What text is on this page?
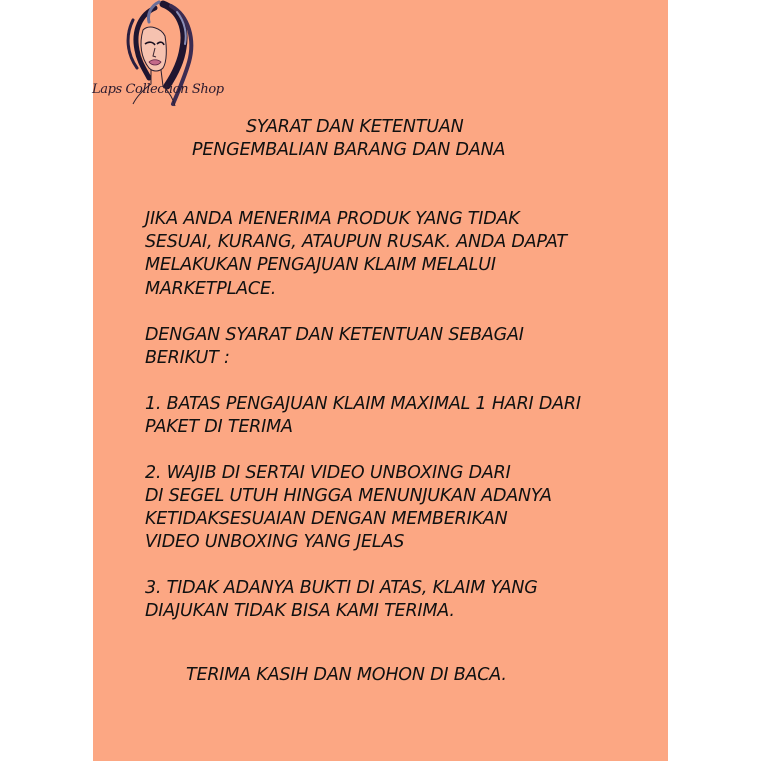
Laps Collection Shop

SYARAT DAN KETENTUAN

PENGEMBALIAN BARANG DAN DANA

JIKA ANDA MENERIMA PRODUK YANG TIDAK

SESUAI, KURANG, ATAUPUN RUSAK. ANDA DAPAT

MELAKUKAN PENGAJUAN KLAIM MELALUI

MARKETPLACE.

DENGAN SYARAT DAN KETENTUAN SEBAGAI

BERIKUT :

1. BATAS PENGAJUAN KLAIM MAXIMAL 1 HARI DARI

PAKET DI TERIMA

2. WAJIB DI SERTAI VIDEO UNBOXING DARI

DI SEGEL UTUH HINGGA MENUNJUKAN ADANYA

KETIDAKSESUAIAN DENGAN MEMBERIKAN

VIDEO UNBOXING YANG JELAS

3. TIDAK ADANYA BUKTI DI ATAS, KLAIM YANG

DIAJUKAN TIDAK BISA KAMI TERIMA.

TERIMA KASIH DAN MOHON DI BACA.
